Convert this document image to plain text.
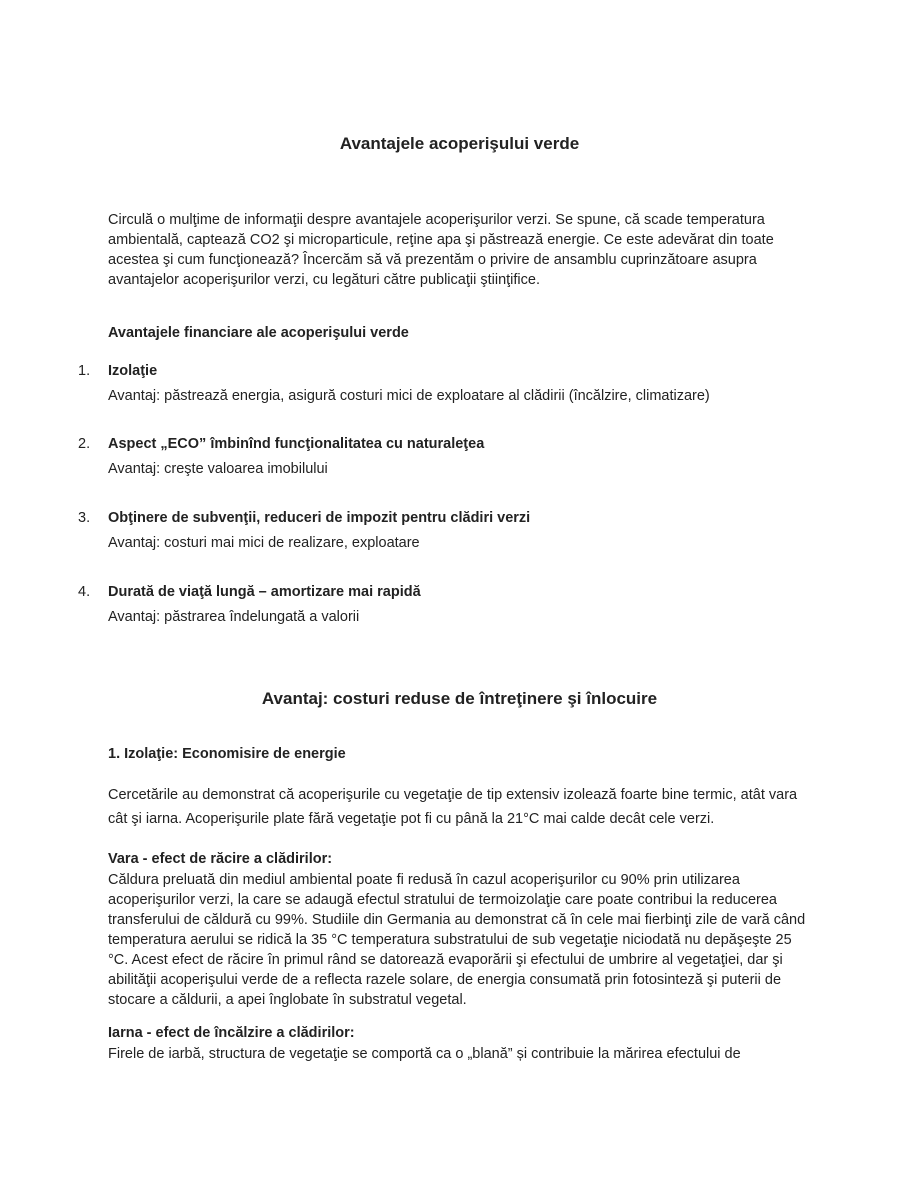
Avantajele acoperişului verde

Circulă o mulţime de informaţii despre avantajele acoperişurilor verzi. Se spune, că scade temperatura ambientală, captează CO2 şi microparticule, reţine apa şi păstrează energie. Ce este adevărat din toate acestea şi cum funcţionează? Încercăm să vă prezentăm o privire de ansamblu cuprinzătoare asupra avantajelor acoperişurilor verzi, cu legături către publicaţii ştiinţifice.

Avantajele financiare ale acoperişului verde
1.	Izolaţie
Avantaj: păstrează energia, asigură costuri mici de exploatare al clădirii (încălzire, climatizare)
2.	Aspect „ECO” îmbinînd funcţionalitatea cu naturaleţea
Avantaj: creşte valoarea imobilului
3.	Obţinere de subvenţii, reduceri de impozit pentru clădiri verzi
Avantaj: costuri mai mici de realizare, exploatare
4.	Durată de viaţă lungă – amortizare mai rapidă
Avantaj: păstrarea îndelungată a valorii
Avantaj: costuri reduse de întreţinere şi înlocuire
1. Izolaţie: Economisire de energie

Cercetările au demonstrat că acoperişurile cu vegetaţie de tip extensiv izolează foarte bine termic, atât vara cât şi iarna. Acoperişurile plate fără vegetaţie pot fi cu până la 21°C mai calde decât cele verzi.

Vara - efect de răcire a clădirilor:

Căldura preluată din mediul ambiental poate fi redusă în cazul acoperişurilor cu 90% prin utilizarea acoperişurilor verzi, la care se adaugă efectul stratului de termoizolaţie care poate contribui la reducerea transferului de căldură cu 99%. Studiile din Germania au demonstrat că în cele mai fierbinţi zile de vară când temperatura aerului se ridică la 35 °C temperatura substratului de sub vegetaţie niciodată nu depăşeşte 25 °C. Acest efect de răcire în primul rând se datorează evaporării şi efectului de umbrire al vegetaţiei, dar şi abilităţii acoperişului verde de a reflecta razele solare, de energia consumată prin fotosinteză şi puterii de stocare a căldurii, a apei înglobate în substratul vegetal.

Iarna - efect de încălzire a clădirilor:

Firele de iarbă, structura de vegetaţie se comportă ca o „blană” și contribuie la mărirea efectului de
